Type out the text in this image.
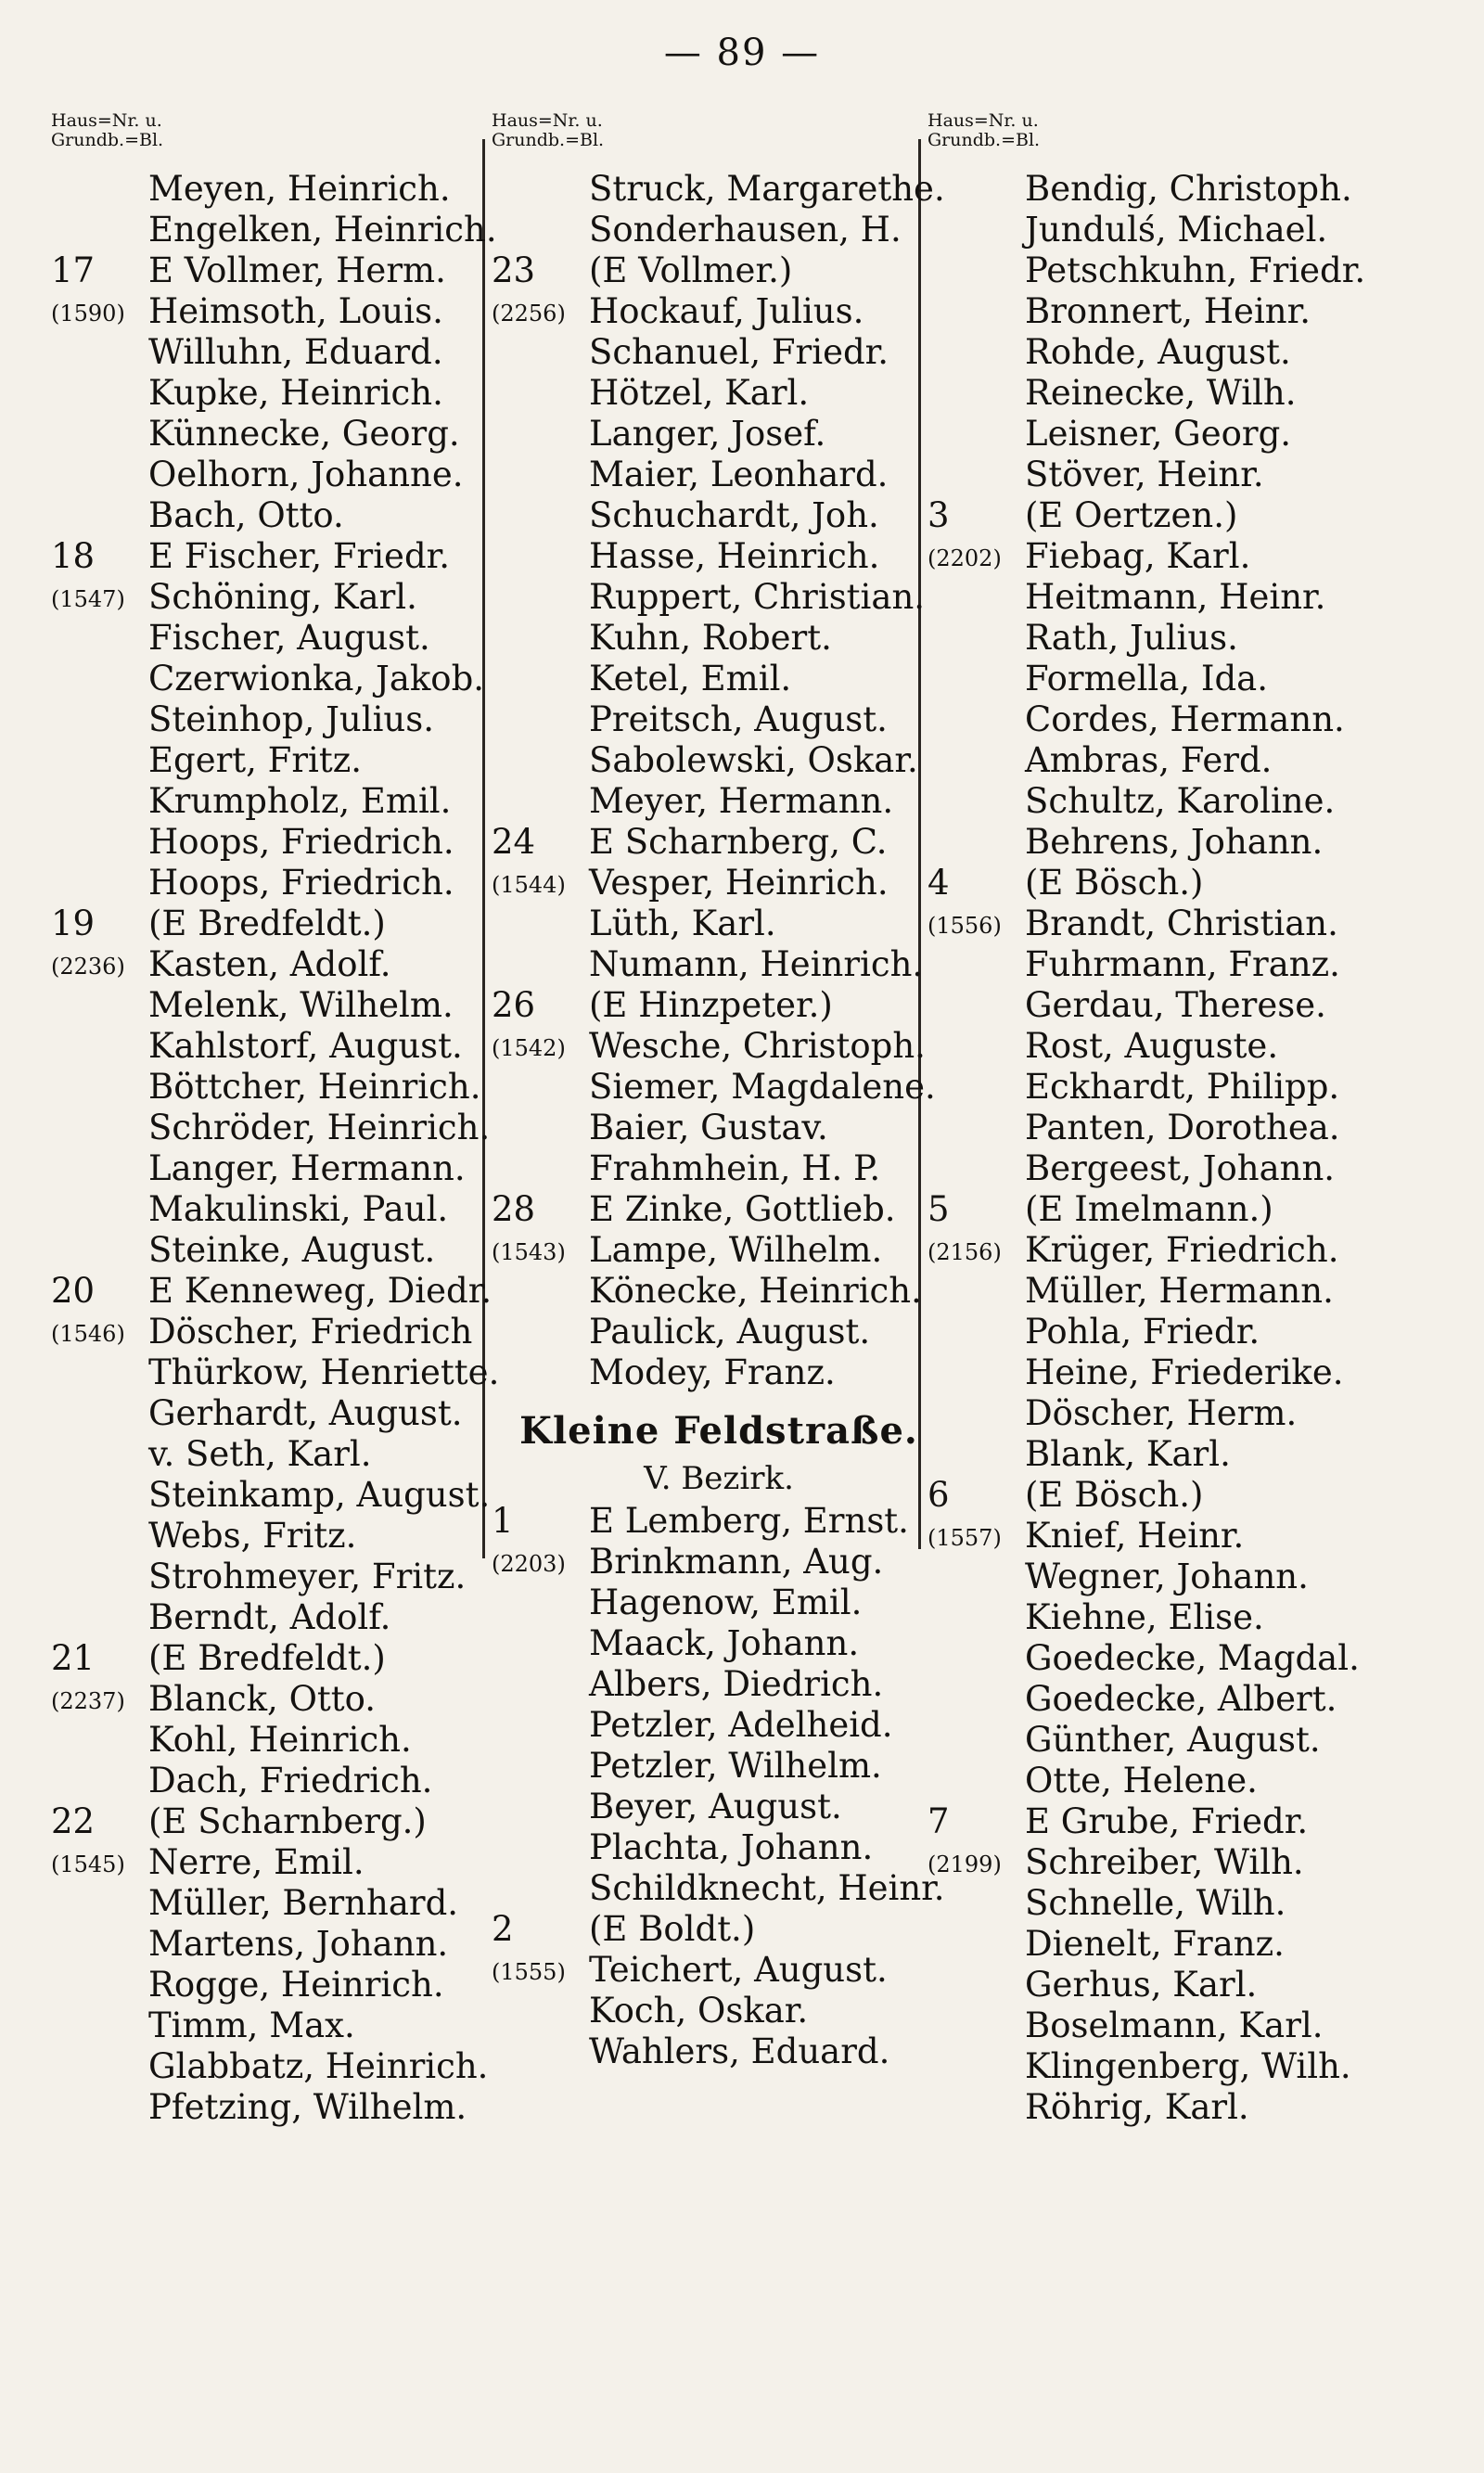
— 89 —
Haus=Nr. u.
Grundb.=Bl.
Meyen, Heinrich.
Engelken, Heinrich.
17 E Vollmer, Herm.
(1590) Heimsoth, Louis.
Willuhn, Eduard.
Kupke, Heinrich.
Künnecke, Georg.
Oelhorn, Johanne.
Bach, Otto.
18 E Fischer, Friedr.
(1547) Schöning, Karl.
Fischer, August.
Czerwionka, Jakob.
Steinhop, Julius.
Egert, Fritz.
Krumpholz, Emil.
Hoops, Friedrich.
Hoops, Friedrich.
19 (E Bredfeldt.)
(2236) Kasten, Adolf.
Melenk, Wilhelm.
Kahlstorf, August.
Böttcher, Heinrich.
Schröder, Heinrich.
Langer, Hermann.
Makulinski, Paul.
Steinke, August.
20 E Kenneweg, Diedr.
(1546) Döscher, Friedrich
Thürkow, Henriette.
Gerhardt, August.
v. Seth, Karl.
Steinkamp, August.
Webs, Fritz.
Strohmeyer, Fritz.
Berndt, Adolf.
21 (E Bredfeldt.)
(2237) Blanck, Otto.
Kohl, Heinrich.
Dach, Friedrich.
22 (E Scharnberg.)
(1545) Nerre, Emil.
Müller, Bernhard.
Martens, Johann.
Rogge, Heinrich.
Timm, Max.
Glabbatz, Heinrich.
Pfetzing, Wilhelm.
Haus=Nr. u.
Grundb.=Bl.
Struck, Margarethe.
Sonderhausen, H.
23 (E Vollmer.)
(2256) Hockauf, Julius.
Schanuel, Friedr.
Hötzel, Karl.
Langer, Josef.
Maier, Leonhard.
Schuchardt, Joh.
Hasse, Heinrich.
Ruppert, Christian.
Kuhn, Robert.
Ketel, Emil.
Preitsch, August.
Sabolewski, Oskar.
Meyer, Hermann.
24 E Scharnberg, C.
(1544) Vesper, Heinrich.
Lüth, Karl.
Numann, Heinrich.
26 (E Hinzpeter.)
(1542) Wesche, Christoph.
Siemer, Magdalene.
Baier, Gustav.
Frahmhein, H. P.
28 E Zinke, Gottlieb.
(1543) Lampe, Wilhelm.
Könecke, Heinrich.
Paulick, August.
Modey, Franz.
Kleine Feldstraße.
V. Bezirk.
1 E Lemberg, Ernst.
(2203) Brinkmann, Aug.
Hagenow, Emil.
Maack, Johann.
Albers, Diedrich.
Petzler, Adelheid.
Petzler, Wilhelm.
Beyer, August.
Plachta, Johann.
Schildknecht, Heinr.
2 (E Boldt.)
(1555) Teichert, August.
Koch, Oskar.
Wahlers, Eduard.
Haus=Nr. u.
Grundb.=Bl.
Bendig, Christoph.
Jundulś, Michael.
Petschkuhn, Friedr.
Bronnert, Heinr.
Rohde, August.
Reinecke, Wilh.
Leisner, Georg.
Stöver, Heinr.
3 (E Oertzen.)
(2202) Fiebag, Karl.
Heitmann, Heinr.
Rath, Julius.
Formella, Ida.
Cordes, Hermann.
Ambras, Ferd.
Schultz, Karoline.
Behrens, Johann.
4 (E Bösch.)
(1556) Brandt, Christian.
Fuhrmann, Franz.
Gerdau, Therese.
Rost, Auguste.
Eckhardt, Philipp.
Panten, Dorothea.
Bergeest, Johann.
5 (E Imelmann.)
(2156) Krüger, Friedrich.
Müller, Hermann.
Pohla, Friedr.
Heine, Friederike.
Döscher, Herm.
Blank, Karl.
6 (E Bösch.)
(1557) Knief, Heinr.
Wegner, Johann.
Kiehne, Elise.
Goedecke, Magdal.
Goedecke, Albert.
Günther, August.
Otte, Helene.
7 E Grube, Friedr.
(2199) Schreiber, Wilh.
Schnelle, Wilh.
Dienelt, Franz.
Gerhus, Karl.
Boselmann, Karl.
Klingenberg, Wilh.
Röhrig, Karl.
